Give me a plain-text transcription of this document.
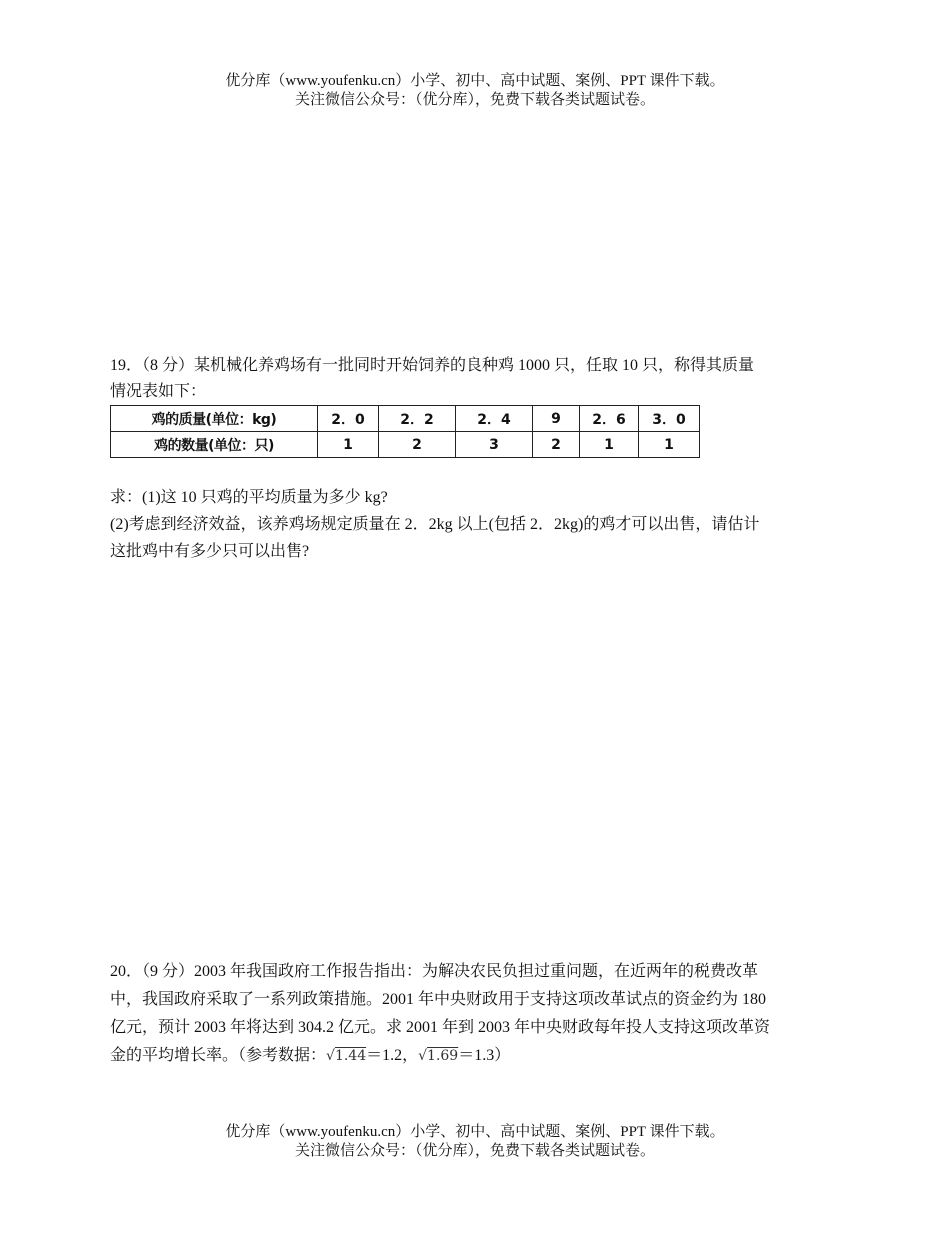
优分库（www.youfenku.cn）小学、初中、高中试题、案例、PPT 课件下载。
关注微信公众号：（优分库），免费下载各类试题试卷。
19．（8 分）某机械化养鸡场有一批同时开始饲养的良种鸡 1000 只，任取 10 只，称得其质量
情况表如下：
鸡的质量(单位：kg)	2．0	2．2	2．4	9	2．6	3．0
鸡的数量(单位：只)	1	2	3	2	1	1
求：(1)这 10 只鸡的平均质量为多少 kg?
(2)考虑到经济效益，该养鸡场规定质量在 2．2kg 以上(包括 2．2kg)的鸡才可以出售，请估计
这批鸡中有多少只可以出售?
20．（9 分）2003 年我国政府工作报告指出：为解决农民负担过重问题，在近两年的税费改革
中，我国政府采取了一系列政策措施。2001 年中央财政用于支持这项改革试点的资金约为 180
亿元，预计 2003 年将达到 304.2 亿元。求 2001 年到 2003 年中央财政每年投人支持这项改革资
金的平均增长率。（参考数据：√1.44＝1.2，√1.69＝1.3）
优分库（www.youfenku.cn）小学、初中、高中试题、案例、PPT 课件下载。
关注微信公众号：（优分库），免费下载各类试题试卷。
